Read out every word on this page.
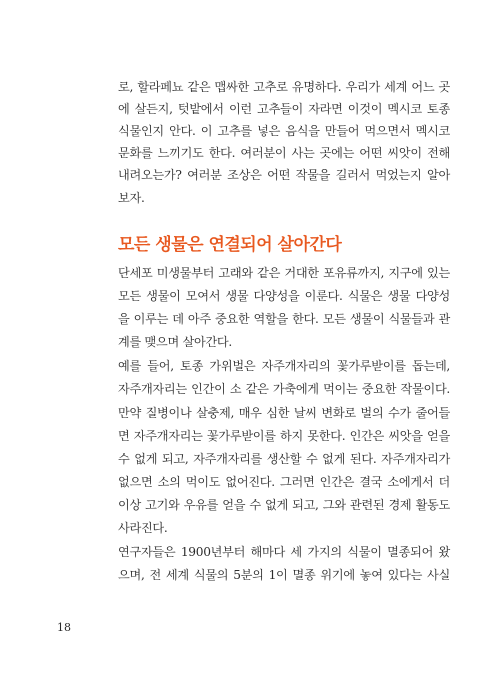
로, 할라페뇨 같은 맵싸한 고추로 유명하다. 우리가 세계 어느 곳

에 살든지, 텃밭에서 이런 고추들이 자라면 이것이 멕시코 토종

식물인지 안다. 이 고추를 넣은 음식을 만들어 먹으면서 멕시코

문화를 느끼기도 한다. 여러분이 사는 곳에는 어떤 씨앗이 전해

내려오는가? 여러분 조상은 어떤 작물을 길러서 먹었는지 알아

보자.

모든 생물은 연결되어 살아간다

단세포 미생물부터 고래와 같은 거대한 포유류까지, 지구에 있는

모든 생물이 모여서 생물 다양성을 이룬다. 식물은 생물 다양성

을 이루는 데 아주 중요한 역할을 한다. 모든 생물이 식물들과 관

계를 맺으며 살아간다.

예를 들어, 토종 가위벌은 자주개자리의 꽃가루받이를 돕는데,

자주개자리는 인간이 소 같은 가축에게 먹이는 중요한 작물이다.

만약 질병이나 살충제, 매우 심한 날씨 변화로 벌의 수가 줄어들

면 자주개자리는 꽃가루받이를 하지 못한다. 인간은 씨앗을 얻을

수 없게 되고, 자주개자리를 생산할 수 없게 된다. 자주개자리가

없으면 소의 먹이도 없어진다. 그러면 인간은 결국 소에게서 더

이상 고기와 우유를 얻을 수 없게 되고, 그와 관련된 경제 활동도

사라진다.

연구자들은 1900년부터 해마다 세 가지의 식물이 멸종되어 왔

으며, 전 세계 식물의 5분의 1이 멸종 위기에 놓여 있다는 사실

18
